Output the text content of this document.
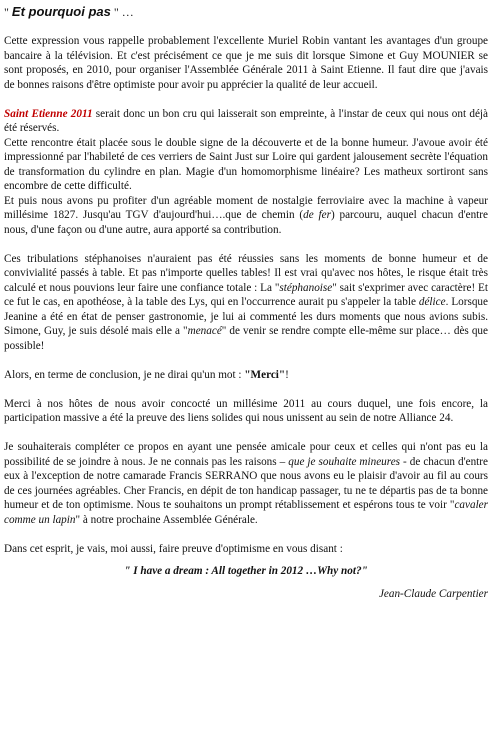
" Et pourquoi pas " …

Cette expression vous rappelle probablement l'excellente Muriel Robin vantant les avantages d'un groupe bancaire à la télévision. Et c'est précisément ce que je me suis dit lorsque Simone et Guy MOUNIER se sont proposés, en 2010, pour organiser l'Assemblée Générale 2011 à Saint Etienne. Il faut dire que j'avais de bonnes raisons d'être optimiste pour avoir pu apprécier la qualité de leur accueil.

Saint Etienne 2011 serait donc un bon cru qui laisserait son empreinte, à l'instar de ceux qui nous ont déjà été réservés.

Cette rencontre était placée sous le double signe de la découverte et de la bonne humeur. J'avoue avoir été impressionné par l'habileté de ces verriers de Saint Just sur Loire qui gardent jalousement secrète l'équation de transformation du cylindre en plan. Magie d'un homomorphisme linéaire? Les matheux sortiront sans encombre de cette difficulté.

Et puis nous avons pu profiter d'un agréable moment de nostalgie ferroviaire avec la machine à vapeur millésime 1827. Jusqu'au TGV d'aujourd'hui….que de chemin (de fer) parcouru, auquel chacun d'entre nous, d'une façon ou d'une autre, aura apporté sa contribution.

Ces tribulations stéphanoises n'auraient pas été réussies sans les moments de bonne humeur et de convivialité passés à table. Et pas n'importe quelles tables! Il est vrai qu'avec nos hôtes, le risque était très calculé et nous pouvions leur faire une confiance totale : La "stéphanoise" sait s'exprimer avec caractère! Et ce fut le cas, en apothéose, à la table des Lys, qui en l'occurrence aurait pu s'appeler la table délice. Lorsque Jeanine a été en état de penser gastronomie, je lui ai commenté les durs moments que nous avions subis. Simone, Guy, je suis désolé mais elle a "menacé" de venir se rendre compte elle-même sur place… dès que possible!

Alors, en terme de conclusion, je ne dirai qu'un mot : "Merci"!

Merci à nos hôtes de nous avoir concocté un millésime 2011 au cours duquel, une fois encore, la participation massive a été la preuve des liens solides qui nous unissent au sein de notre Alliance 24.

Je souhaiterais compléter ce propos en ayant une pensée amicale pour ceux et celles qui n'ont pas eu la possibilité de se joindre à nous. Je ne connais pas les raisons – que je souhaite mineures - de chacun d'entre eux à l'exception de notre camarade Francis SERRANO que nous avons eu le plaisir d'avoir au fil au cours de ces journées agréables. Cher Francis, en dépit de ton handicap passager, tu ne te départis pas de ta bonne humeur et de ton optimisme. Nous te souhaitons un prompt rétablissement et espérons tous te voir "cavaler comme un lapin" à notre prochaine Assemblée Générale.

Dans cet esprit, je vais, moi aussi, faire preuve d'optimisme en vous disant :

" I have a dream : All together in 2012 …Why not?"

Jean-Claude Carpentier
